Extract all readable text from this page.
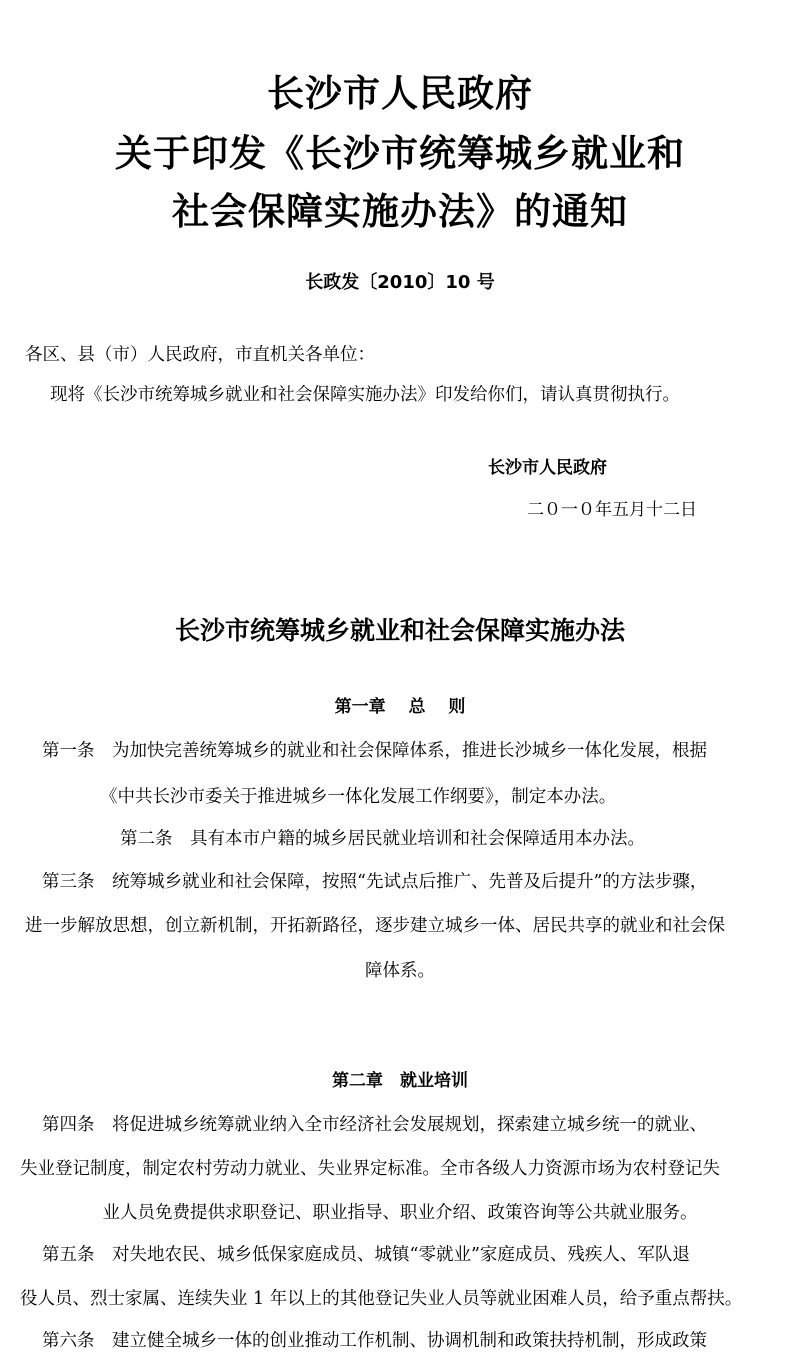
长沙市人民政府
关于印发《长沙市统筹城乡就业和
社会保障实施办法》的通知
长政发〔2010〕10 号
各区、县（市）人民政府，市直机关各单位：
现将《长沙市统筹城乡就业和社会保障实施办法》印发给你们，请认真贯彻执行。
长沙市人民政府
二０一０年五月十二日
长沙市统筹城乡就业和社会保障实施办法
第一章　 总　 则
第一条　为加快完善统筹城乡的就业和社会保障体系，推进长沙城乡一体化发展，根据
《中共长沙市委关于推进城乡一体化发展工作纲要》，制定本办法。
第二条　具有本市户籍的城乡居民就业培训和社会保障适用本办法。
第三条　统筹城乡就业和社会保障，按照“先试点后推广、先普及后提升”的方法步骤，
进一步解放思想，创立新机制，开拓新路径，逐步建立城乡一体、居民共享的就业和社会保
障体系。
第二章　就业培训
第四条　将促进城乡统筹就业纳入全市经济社会发展规划，探索建立城乡统一的就业、
失业登记制度，制定农村劳动力就业、失业界定标准。全市各级人力资源市场为农村登记失
业人员免费提供求职登记、职业指导、职业介绍、政策咨询等公共就业服务。
第五条　对失地农民、城乡低保家庭成员、城镇“零就业”家庭成员、残疾人、军队退
役人员、烈士家属、连续失业 1 年以上的其他登记失业人员等就业困难人员，给予重点帮扶。
第六条　建立健全城乡一体的创业推动工作机制、协调机制和政策扶持机制，形成政策
